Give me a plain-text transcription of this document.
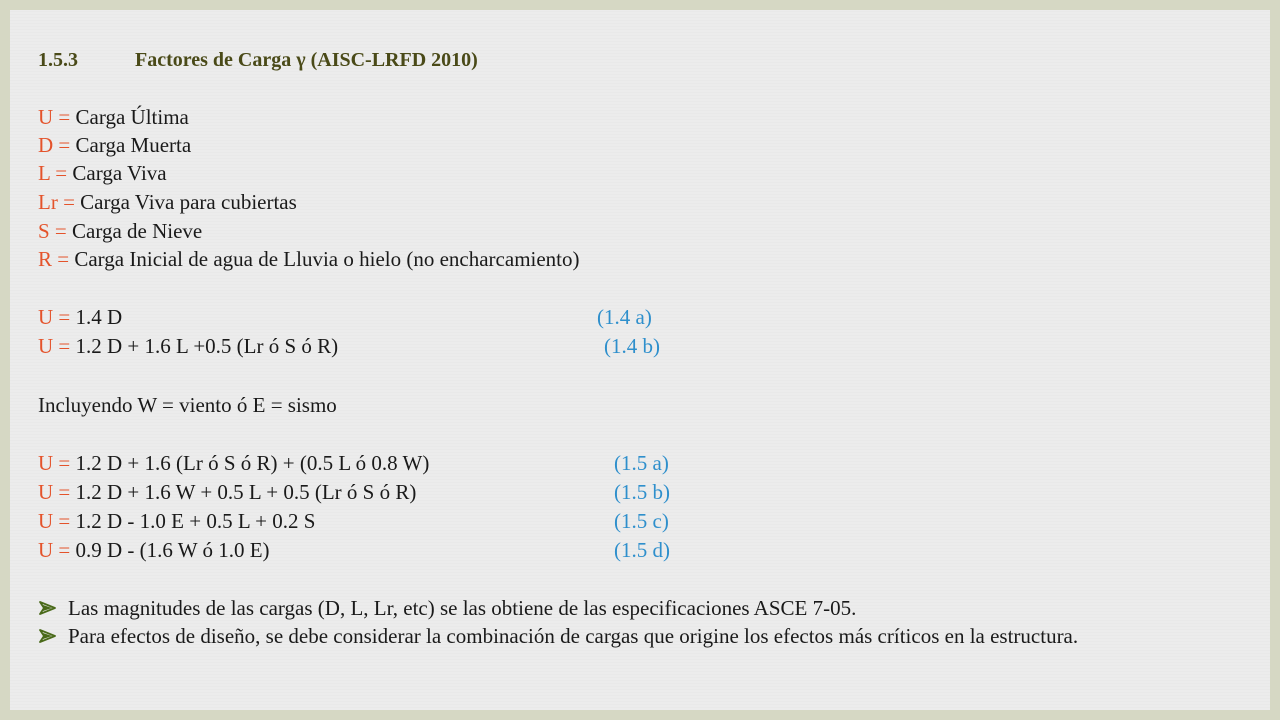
1.5.3	Factores de Carga γ (AISC-LRFD 2010)
U = Carga Última
D = Carga Muerta
L = Carga Viva
Lr = Carga Viva para cubiertas
S = Carga de Nieve
R = Carga Inicial de agua de Lluvia o hielo (no encharcamiento)
U = 1.4 D	(1.4 a)
U = 1.2 D + 1.6 L +0.5 (Lr ó S ó R)	(1.4 b)
Incluyendo W = viento ó E = sismo
U = 1.2 D + 1.6 (Lr ó S ó R) + (0.5 L ó 0.8 W)	(1.5 a)
U = 1.2 D + 1.6 W + 0.5 L + 0.5 (Lr ó S ó R)	(1.5 b)
U = 1.2 D - 1.0 E + 0.5 L + 0.2 S	(1.5 c)
U = 0.9 D - (1.6 W ó 1.0 E)	(1.5 d)
Las magnitudes de las cargas (D, L, Lr, etc) se las obtiene de las especificaciones ASCE 7-05.
Para efectos de diseño, se debe considerar la combinación de cargas que origine los efectos más críticos en la estructura.
